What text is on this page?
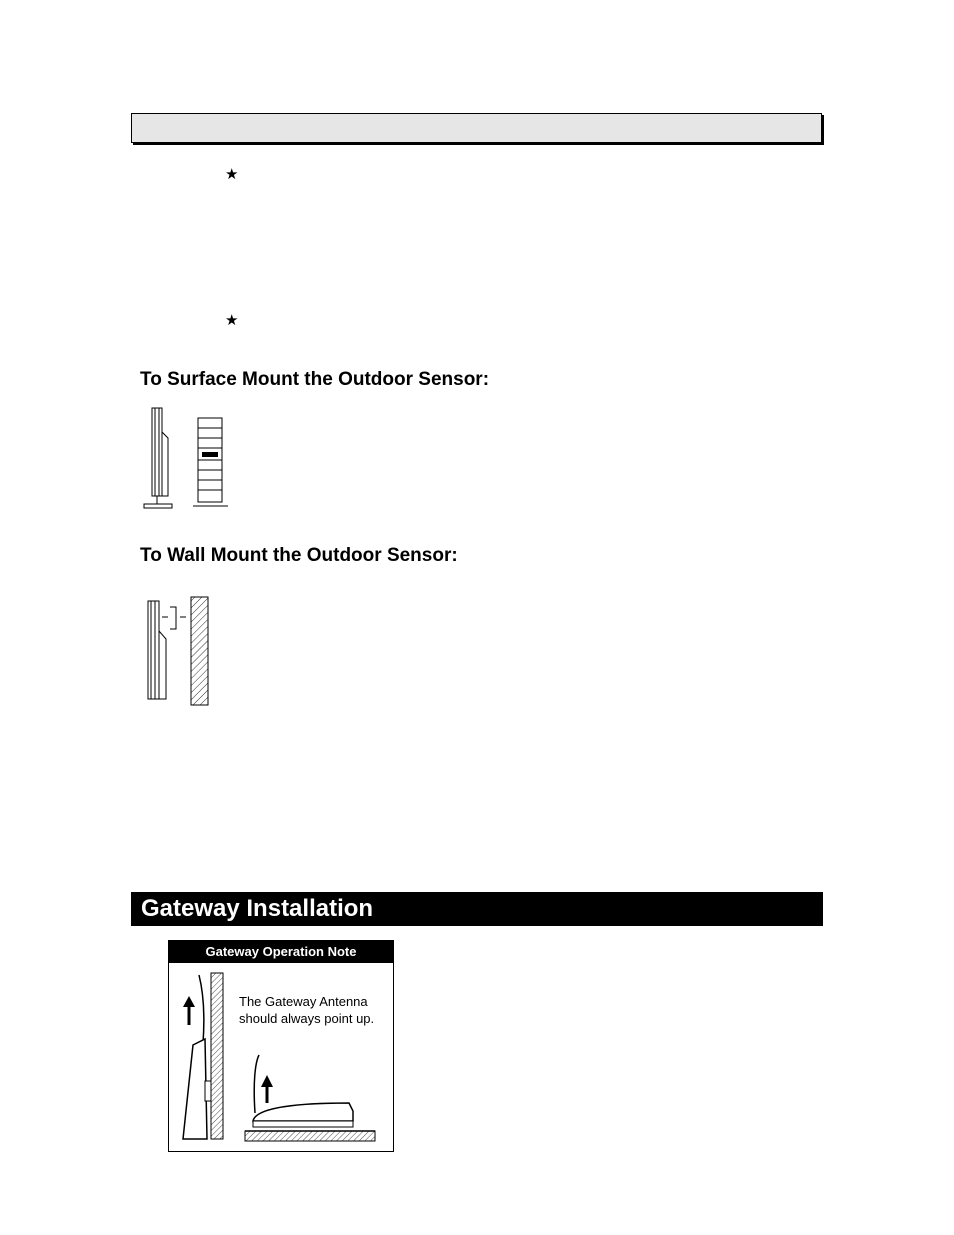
★
★
To Surface Mount the Outdoor Sensor:
To Wall Mount the Outdoor Sensor:
Gateway Installation
Gateway Operation Note
The Gateway Antenna
should always point up.
